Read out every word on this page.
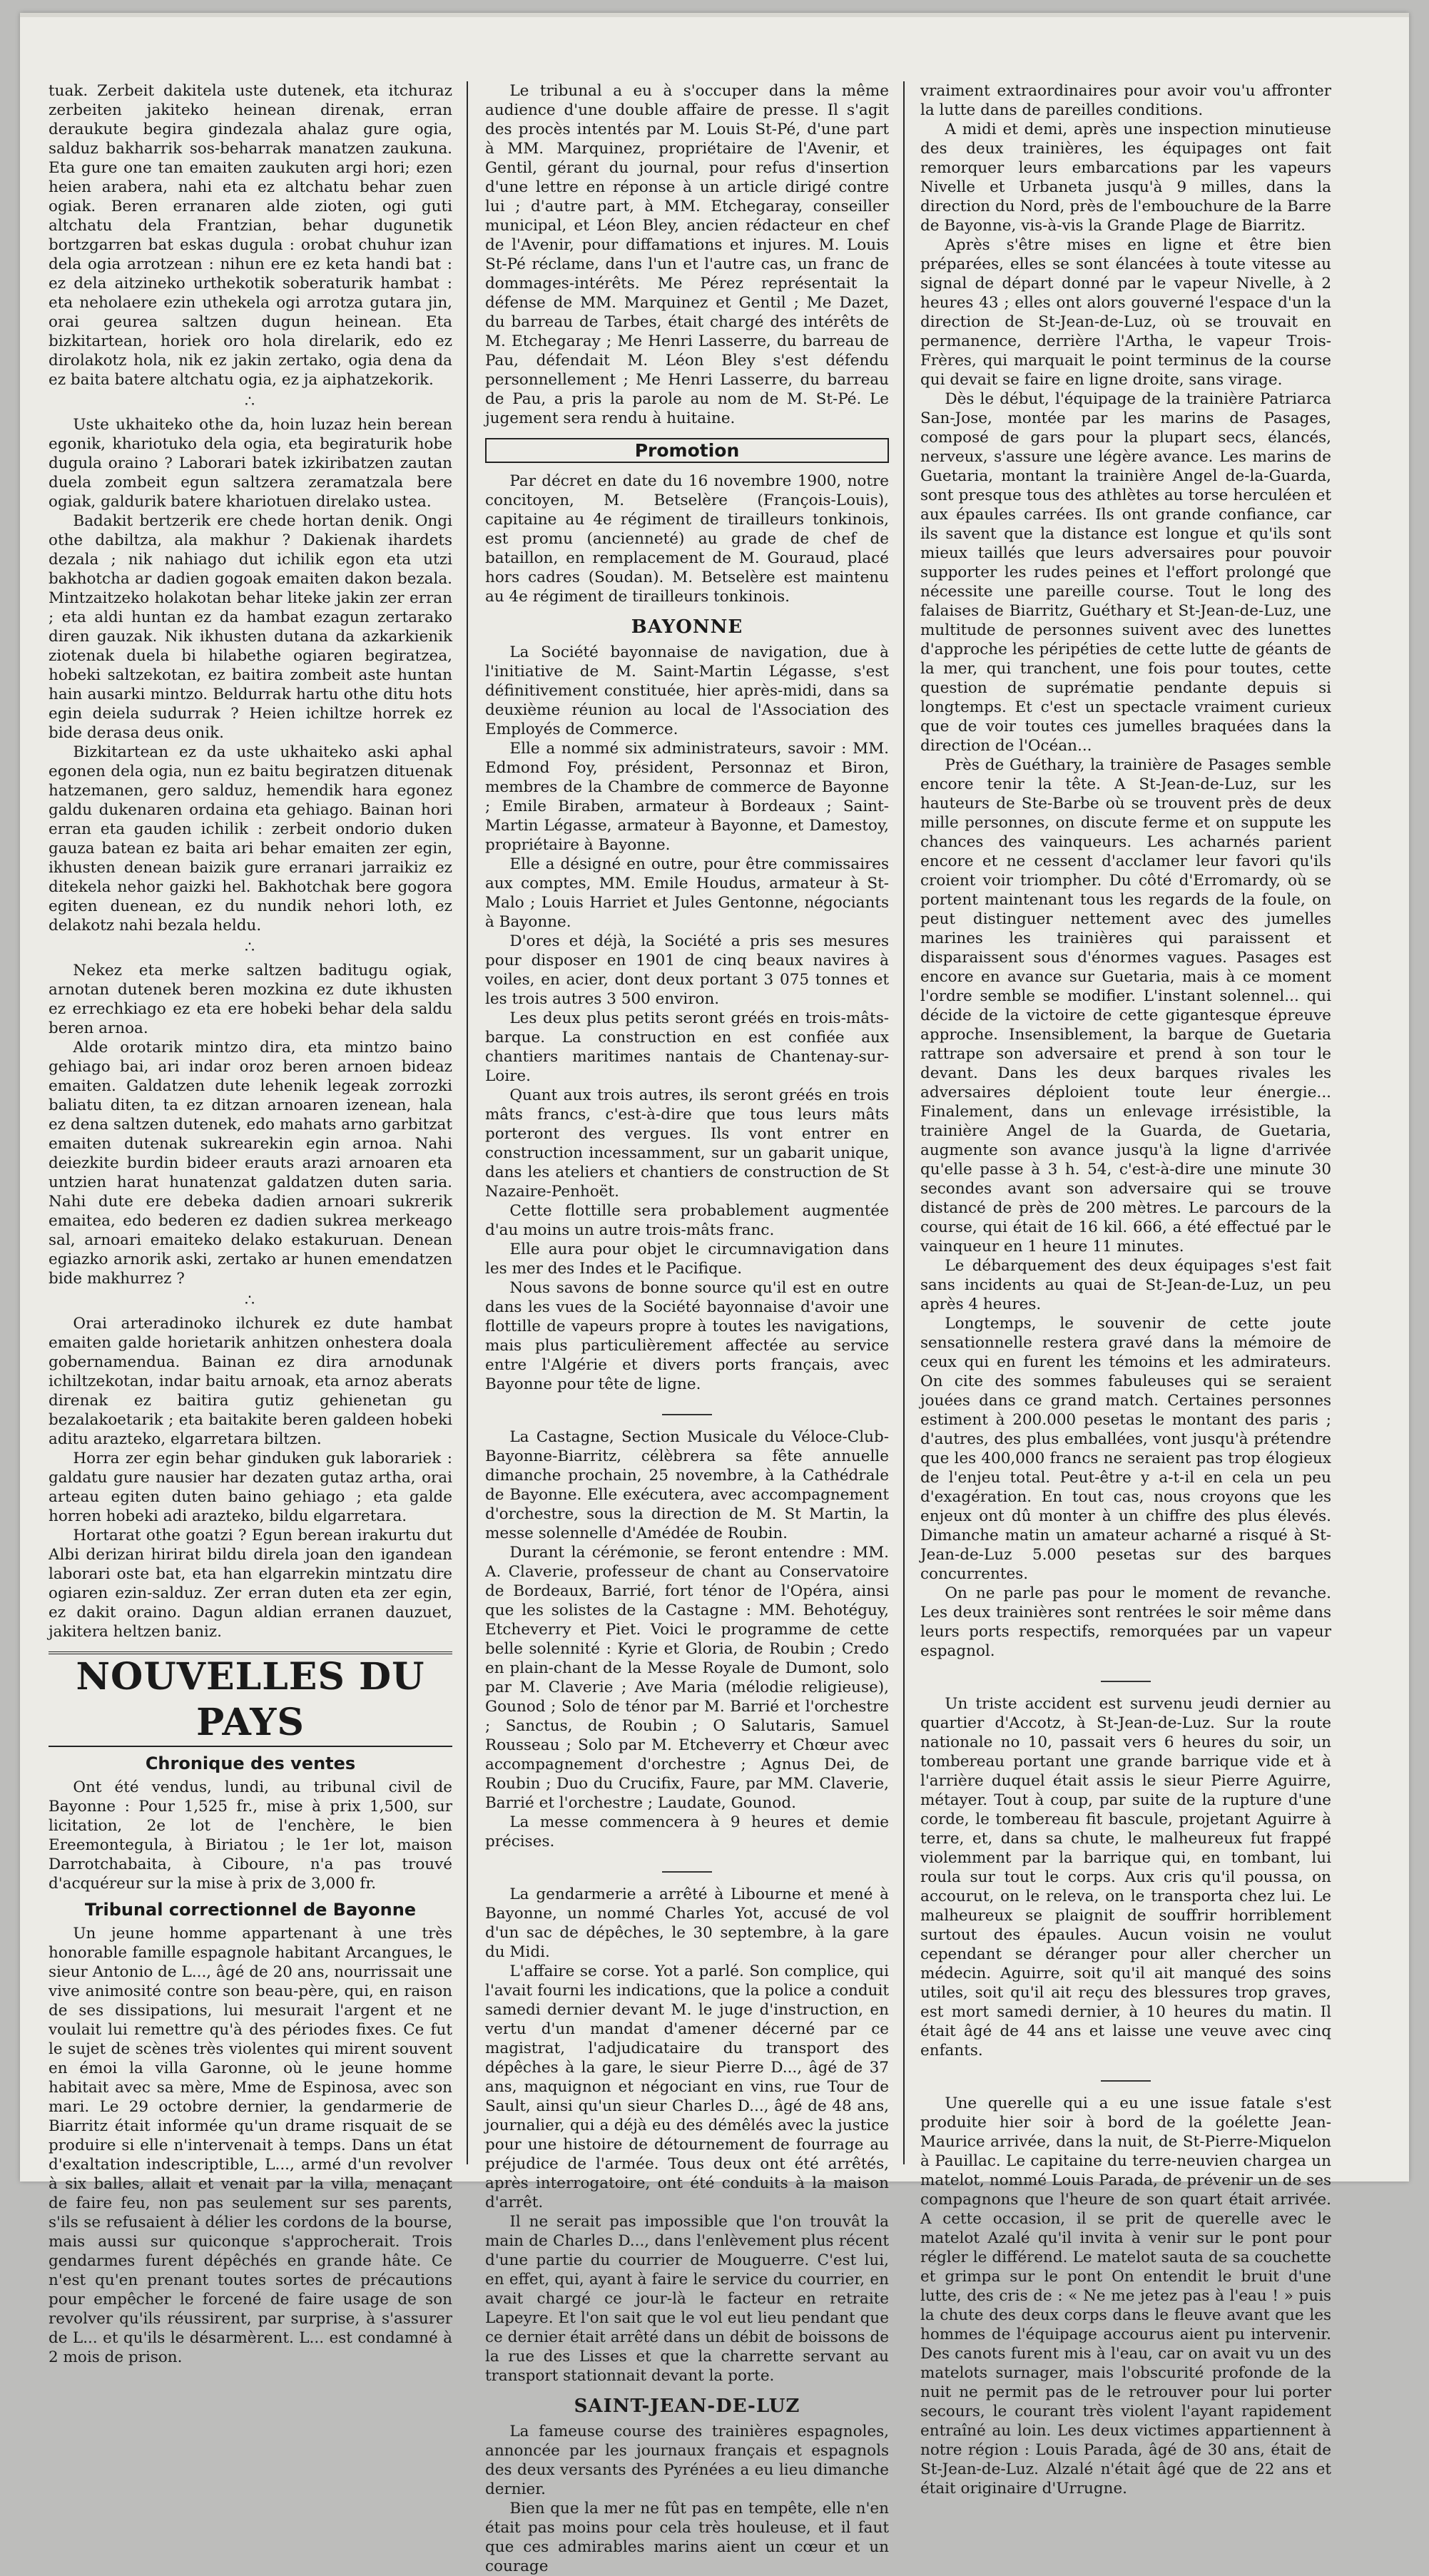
tuak. Zerbeit dakitela uste dutenek, eta itchuraz zerbeiten jakiteko heinean direnak, erran deraukute begira gindezala ahalaz gure ogia, salduz bakharrik sos-beharrak manatzen zaukuna. Eta gure one tan emaiten zaukuten argi hori; ezen heien arabera, nahi eta ez altchatu behar zuen ogiak. Beren erranaren alde zioten, ogi guti altchatu dela Frantzian, behar dugunetik bortzgarren bat eskas dugula : orobat chuhur izan dela ogia arrotzean : nihun ere ez keta handi bat : ez dela aitzineko urthekotik soberaturik hambat : eta neholaere ezin uthekela ogi arrotza gutara jin, orai geurea saltzen dugun heinean. Eta bizkitartean, horiek oro hola direlarik, edo ez dirolakotz hola, nik ez jakin zertako, ogia dena da ez baita batere altchatu ogia, ez ja aiphatzekorik.

∴

Uste ukhaiteko othe da, hoin luzaz hein berean egonik, khariotuko dela ogia, eta begiraturik hobe dugula oraino ? Laborari batek izkiribatzen zautan duela zombeit egun saltzera zeramatzala bere ogiak, galdurik batere khariotuen direlako ustea.

Badakit bertzerik ere chede hortan denik. Ongi othe dabiltza, ala makhur ? Dakienak ihardets dezala ; nik nahiago dut ichilik egon eta utzi bakhotcha ar dadien gogoak emaiten dakon bezala. Mintzaitzeko holakotan behar liteke jakin zer erran ; eta aldi huntan ez da hambat ezagun zertarako diren gauzak. Nik ikhusten dutana da azkarkienik ziotenak duela bi hilabethe ogiaren begiratzea, hobeki saltzekotan, ez baitira zombeit aste huntan hain ausarki mintzo. Beldurrak hartu othe ditu hots egin deiela sudurrak ? Heien ichiltze horrek ez bide derasa deus onik.

Bizkitartean ez da uste ukhaiteko aski aphal egonen dela ogia, nun ez baitu begiratzen dituenak hatzemanen, gero salduz, hemendik hara egonez galdu dukenaren ordaina eta gehiago. Bainan hori erran eta gauden ichilik : zerbeit ondorio duken gauza batean ez baita ari behar emaiten zer egin, ikhusten denean baizik gure erranari jarraikiz ez ditekela nehor gaizki hel. Bakhotchak bere gogora egiten duenean, ez du nundik nehori loth, ez delakotz nahi bezala heldu.

∴

Nekez eta merke saltzen baditugu ogiak, arnotan dutenek beren mozkina ez dute ikhusten ez errechkiago ez eta ere hobeki behar dela saldu beren arnoa.

Alde orotarik mintzo dira, eta mintzo baino gehiago bai, ari indar oroz beren arnoen bideaz emaiten. Galdatzen dute lehenik legeak zorrozki baliatu diten, ta ez ditzan arnoaren izenean, hala ez dena saltzen dutenek, edo mahats arno garbitzat emaiten dutenak sukrearekin egin arnoa. Nahi deiezkite burdin bideer erauts arazi arnoaren eta untzien harat hunatenzat galdatzen duten saria. Nahi dute ere debeka dadien arnoari sukrerik emaitea, edo bederen ez dadien sukrea merkeago sal, arnoari emaiteko delako estakuruan. Denean egiazko arnorik aski, zertako ar hunen emendatzen bide makhurrez ?

∴

Orai arteradinoko ilchurek ez dute hambat emaiten galde horietarik anhitzen onhestera doala gobernamendua. Bainan ez dira arnodunak ichiltzekotan, indar baitu arnoak, eta arnoz aberats direnak ez baitira gutiz gehienetan gu bezalakoetarik ; eta baitakite beren galdeen hobeki aditu arazteko, elgarretara biltzen.

Horra zer egin behar ginduken guk laborariek : galdatu gure nausier har dezaten gutaz artha, orai arteau egiten duten baino gehiago ; eta galde horren hobeki adi arazteko, bildu elgarretara.

Hortarat othe goatzi ? Egun berean irakurtu dut Albi derizan hirirat bildu direla joan den igandean laborari oste bat, eta han elgarrekin mintzatu dire ogiaren ezin-salduz. Zer erran duten eta zer egin, ez dakit oraino. Dagun aldian erranen dauzuet, jakitera heltzen baniz.

NOUVELLES DU PAYS
Chronique des ventes

Ont été vendus, lundi, au tribunal civil de Bayonne : Pour 1,525 fr., mise à prix 1,500, sur licitation, 2e lot de l'enchère, le bien Ereemontegula, à Biriatou ; le 1er lot, maison Darrotchabaita, à Ciboure, n'a pas trouvé d'acquéreur sur la mise à prix de 3,000 fr.

Tribunal correctionnel de Bayonne

Un jeune homme appartenant à une très honorable famille espagnole habitant Arcangues, le sieur Antonio de L..., âgé de 20 ans, nourrissait une vive animosité contre son beau-père, qui, en raison de ses dissipations, lui mesurait l'argent et ne voulait lui remettre qu'à des périodes fixes. Ce fut le sujet de scènes très violentes qui mirent souvent en émoi la villa Garonne, où le jeune homme habitait avec sa mère, Mme de Espinosa, avec son mari. Le 29 octobre dernier, la gendarmerie de Biarritz était informée qu'un drame risquait de se produire si elle n'intervenait à temps. Dans un état d'exaltation indescriptible, L..., armé d'un revolver à six balles, allait et venait par la villa, menaçant de faire feu, non pas seulement sur ses parents, s'ils se refusaient à délier les cordons de la bourse, mais aussi sur quiconque s'approcherait. Trois gendarmes furent dépêchés en grande hâte. Ce n'est qu'en prenant toutes sortes de précautions pour empêcher le forcené de faire usage de son revolver qu'ils réussirent, par surprise, à s'assurer de L... et qu'ils le désarmèrent. L... est condamné à 2 mois de prison.

Le tribunal a eu à s'occuper dans la même audience d'une double affaire de presse. Il s'agit des procès intentés par M. Louis St-Pé, d'une part à MM. Marquinez, propriétaire de l'Avenir, et Gentil, gérant du journal, pour refus d'insertion d'une lettre en réponse à un article dirigé contre lui ; d'autre part, à MM. Etchegaray, conseiller municipal, et Léon Bley, ancien rédacteur en chef de l'Avenir, pour diffamations et injures. M. Louis St-Pé réclame, dans l'un et l'autre cas, un franc de dommages-intérêts. Me Pérez représentait la défense de MM. Marquinez et Gentil ; Me Dazet, du barreau de Tarbes, était chargé des intérêts de M. Etchegaray ; Me Henri Lasserre, du barreau de Pau, défendait M. Léon Bley s'est défendu personnellement ; Me Henri Lasserre, du barreau de Pau, a pris la parole au nom de M. St-Pé. Le jugement sera rendu à huitaine.

Promotion

Par décret en date du 16 novembre 1900, notre concitoyen, M. Betselère (François-Louis), capitaine au 4e régiment de tirailleurs tonkinois, est promu (ancienneté) au grade de chef de bataillon, en remplacement de M. Gouraud, placé hors cadres (Soudan). M. Betselère est maintenu au 4e régiment de tirailleurs tonkinois.

BAYONNE

La Société bayonnaise de navigation, due à l'initiative de M. Saint-Martin Légasse, s'est définitivement constituée, hier après-midi, dans sa deuxième réunion au local de l'Association des Employés de Commerce.

Elle a nommé six administrateurs, savoir : MM. Edmond Foy, président, Personnaz et Biron, membres de la Chambre de commerce de Bayonne ; Emile Biraben, armateur à Bordeaux ; Saint-Martin Légasse, armateur à Bayonne, et Damestoy, propriétaire à Bayonne.

Elle a désigné en outre, pour être commissaires aux comptes, MM. Emile Houdus, armateur à St-Malo ; Louis Harriet et Jules Gentonne, négociants à Bayonne.

D'ores et déjà, la Société a pris ses mesures pour disposer en 1901 de cinq beaux navires à voiles, en acier, dont deux portant 3 075 tonnes et les trois autres 3 500 environ.

Les deux plus petits seront gréés en trois-mâts-barque. La construction en est confiée aux chantiers maritimes nantais de Chantenay-sur-Loire.

Quant aux trois autres, ils seront gréés en trois mâts francs, c'est-à-dire que tous leurs mâts porteront des vergues. Ils vont entrer en construction incessamment, sur un gabarit unique, dans les ateliers et chantiers de construction de St Nazaire-Penhoët.

Cette flottille sera probablement augmentée d'au moins un autre trois-mâts franc.

Elle aura pour objet le circumnavigation dans les mer des Indes et le Pacifique.

Nous savons de bonne source qu'il est en outre dans les vues de la Société bayonnaise d'avoir une flottille de vapeurs propre à toutes les navigations, mais plus particulièrement affectée au service entre l'Algérie et divers ports français, avec Bayonne pour tête de ligne.

La Castagne, Section Musicale du Véloce-Club-Bayonne-Biarritz, célèbrera sa fête annuelle dimanche prochain, 25 novembre, à la Cathédrale de Bayonne. Elle exécutera, avec accompagnement d'orchestre, sous la direction de M. St Martin, la messe solennelle d'Amédée de Roubin.

Durant la cérémonie, se feront entendre : MM. A. Claverie, professeur de chant au Conservatoire de Bordeaux, Barrié, fort ténor de l'Opéra, ainsi que les solistes de la Castagne : MM. Behotéguy, Etcheverry et Piet. Voici le programme de cette belle solennité : Kyrie et Gloria, de Roubin ; Credo en plain-chant de la Messe Royale de Dumont, solo par M. Claverie ; Ave Maria (mélodie religieuse), Gounod ; Solo de ténor par M. Barrié et l'orchestre ; Sanctus, de Roubin ; O Salutaris, Samuel Rousseau ; Solo par M. Etcheverry et Chœur avec accompagnement d'orchestre ; Agnus Dei, de Roubin ; Duo du Crucifix, Faure, par MM. Claverie, Barrié et l'orchestre ; Laudate, Gounod.

La messe commencera à 9 heures et demie précises.

La gendarmerie a arrêté à Libourne et mené à Bayonne, un nommé Charles Yot, accusé de vol d'un sac de dépêches, le 30 septembre, à la gare du Midi.

L'affaire se corse. Yot a parlé. Son complice, qui l'avait fourni les indications, que la police a conduit samedi dernier devant M. le juge d'instruction, en vertu d'un mandat d'amener décerné par ce magistrat, l'adjudicataire du transport des dépêches à la gare, le sieur Pierre D..., âgé de 37 ans, maquignon et négociant en vins, rue Tour de Sault, ainsi qu'un sieur Charles D..., âgé de 48 ans, journalier, qui a déjà eu des démêlés avec la justice pour une histoire de détournement de fourrage au préjudice de l'armée. Tous deux ont été arrêtés, après interrogatoire, ont été conduits à la maison d'arrêt.

Il ne serait pas impossible que l'on trouvât la main de Charles D..., dans l'enlèvement plus récent d'une partie du courrier de Mouguerre. C'est lui, en effet, qui, ayant à faire le service du courrier, en avait chargé ce jour-là le facteur en retraite Lapeyre. Et l'on sait que le vol eut lieu pendant que ce dernier était arrêté dans un débit de boissons de la rue des Lisses et que la charrette servant au transport stationnait devant la porte.

SAINT-JEAN-DE-LUZ

La fameuse course des trainières espagnoles, annoncée par les journaux français et espagnols des deux versants des Pyrénées a eu lieu dimanche dernier.

Bien que la mer ne fût pas en tempête, elle n'en était pas moins pour cela très houleuse, et il faut que ces admirables marins aient un cœur et un courage

vraiment extraordinaires pour avoir vou'u affronter la lutte dans de pareilles conditions.

A midi et demi, après une inspection minutieuse des deux trainières, les équipages ont fait remorquer leurs embarcations par les vapeurs Nivelle et Urbaneta jusqu'à 9 milles, dans la direction du Nord, près de l'embouchure de la Barre de Bayonne, vis-à-vis la Grande Plage de Biarritz.

Après s'être mises en ligne et être bien préparées, elles se sont élancées à toute vitesse au signal de départ donné par le vapeur Nivelle, à 2 heures 43 ; elles ont alors gouverné l'espace d'un la direction de St-Jean-de-Luz, où se trouvait en permanence, derrière l'Artha, le vapeur Trois-Frères, qui marquait le point terminus de la course qui devait se faire en ligne droite, sans virage.

Dès le début, l'équipage de la trainière Patriarca San-Jose, montée par les marins de Pasages, composé de gars pour la plupart secs, élancés, nerveux, s'assure une légère avance. Les marins de Guetaria, montant la trainière Angel de-la-Guarda, sont presque tous des athlètes au torse herculéen et aux épaules carrées. Ils ont grande confiance, car ils savent que la distance est longue et qu'ils sont mieux taillés que leurs adversaires pour pouvoir supporter les rudes peines et l'effort prolongé que nécessite une pareille course. Tout le long des falaises de Biarritz, Guéthary et St-Jean-de-Luz, une multitude de personnes suivent avec des lunettes d'approche les péripéties de cette lutte de géants de la mer, qui tranchent, une fois pour toutes, cette question de suprématie pendante depuis si longtemps. Et c'est un spectacle vraiment curieux que de voir toutes ces jumelles braquées dans la direction de l'Océan...

Près de Guéthary, la trainière de Pasages semble encore tenir la tête. A St-Jean-de-Luz, sur les hauteurs de Ste-Barbe où se trouvent près de deux mille personnes, on discute ferme et on suppute les chances des vainqueurs. Les acharnés parient encore et ne cessent d'acclamer leur favori qu'ils croient voir triompher. Du côté d'Erromardy, où se portent maintenant tous les regards de la foule, on peut distinguer nettement avec des jumelles marines les trainières qui paraissent et disparaissent sous d'énormes vagues. Pasages est encore en avance sur Guetaria, mais à ce moment l'ordre semble se modifier. L'instant solennel... qui décide de la victoire de cette gigantesque épreuve approche. Insensiblement, la barque de Guetaria rattrape son adversaire et prend à son tour le devant. Dans les deux barques rivales les adversaires déploient toute leur énergie... Finalement, dans un enlevage irrésistible, la trainière Angel de la Guarda, de Guetaria, augmente son avance jusqu'à la ligne d'arrivée qu'elle passe à 3 h. 54, c'est-à-dire une minute 30 secondes avant son adversaire qui se trouve distancé de près de 200 mètres. Le parcours de la course, qui était de 16 kil. 666, a été effectué par le vainqueur en 1 heure 11 minutes.

Le débarquement des deux équipages s'est fait sans incidents au quai de St-Jean-de-Luz, un peu après 4 heures.

Longtemps, le souvenir de cette joute sensationnelle restera gravé dans la mémoire de ceux qui en furent les témoins et les admirateurs. On cite des sommes fabuleuses qui se seraient jouées dans ce grand match. Certaines personnes estiment à 200.000 pesetas le montant des paris ; d'autres, des plus emballées, vont jusqu'à prétendre que les 400,000 francs ne seraient pas trop élogieux de l'enjeu total. Peut-être y a-t-il en cela un peu d'exagération. En tout cas, nous croyons que les enjeux ont dû monter à un chiffre des plus élevés. Dimanche matin un amateur acharné a risqué à St-Jean-de-Luz 5.000 pesetas sur des barques concurrentes.

On ne parle pas pour le moment de revanche. Les deux trainières sont rentrées le soir même dans leurs ports respectifs, remorquées par un vapeur espagnol.

Un triste accident est survenu jeudi dernier au quartier d'Accotz, à St-Jean-de-Luz. Sur la route nationale no 10, passait vers 6 heures du soir, un tombereau portant une grande barrique vide et à l'arrière duquel était assis le sieur Pierre Aguirre, métayer. Tout à coup, par suite de la rupture d'une corde, le tombereau fit bascule, projetant Aguirre à terre, et, dans sa chute, le malheureux fut frappé violemment par la barrique qui, en tombant, lui roula sur tout le corps. Aux cris qu'il poussa, on accourut, on le releva, on le transporta chez lui. Le malheureux se plaignit de souffrir horriblement surtout des épaules. Aucun voisin ne voulut cependant se déranger pour aller chercher un médecin. Aguirre, soit qu'il ait manqué des soins utiles, soit qu'il ait reçu des blessures trop graves, est mort samedi dernier, à 10 heures du matin. Il était âgé de 44 ans et laisse une veuve avec cinq enfants.

Une querelle qui a eu une issue fatale s'est produite hier soir à bord de la goélette Jean-Maurice arrivée, dans la nuit, de St-Pierre-Miquelon à Pauillac. Le capitaine du terre-neuvien chargea un matelot, nommé Louis Parada, de prévenir un de ses compagnons que l'heure de son quart était arrivée. A cette occasion, il se prit de querelle avec le matelot Azalé qu'il invita à venir sur le pont pour régler le différend. Le matelot sauta de sa couchette et grimpa sur le pont On entendit le bruit d'une lutte, des cris de : « Ne me jetez pas à l'eau ! » puis la chute des deux corps dans le fleuve avant que les hommes de l'équipage accourus aient pu intervenir. Des canots furent mis à l'eau, car on avait vu un des matelots surnager, mais l'obscurité profonde de la nuit ne permit pas de le retrouver pour lui porter secours, le courant très violent l'ayant rapidement entraîné au loin. Les deux victimes appartiennent à notre région : Louis Parada, âgé de 30 ans, était de St-Jean-de-Luz. Alzalé n'était âgé que de 22 ans et était originaire d'Urrugne.
